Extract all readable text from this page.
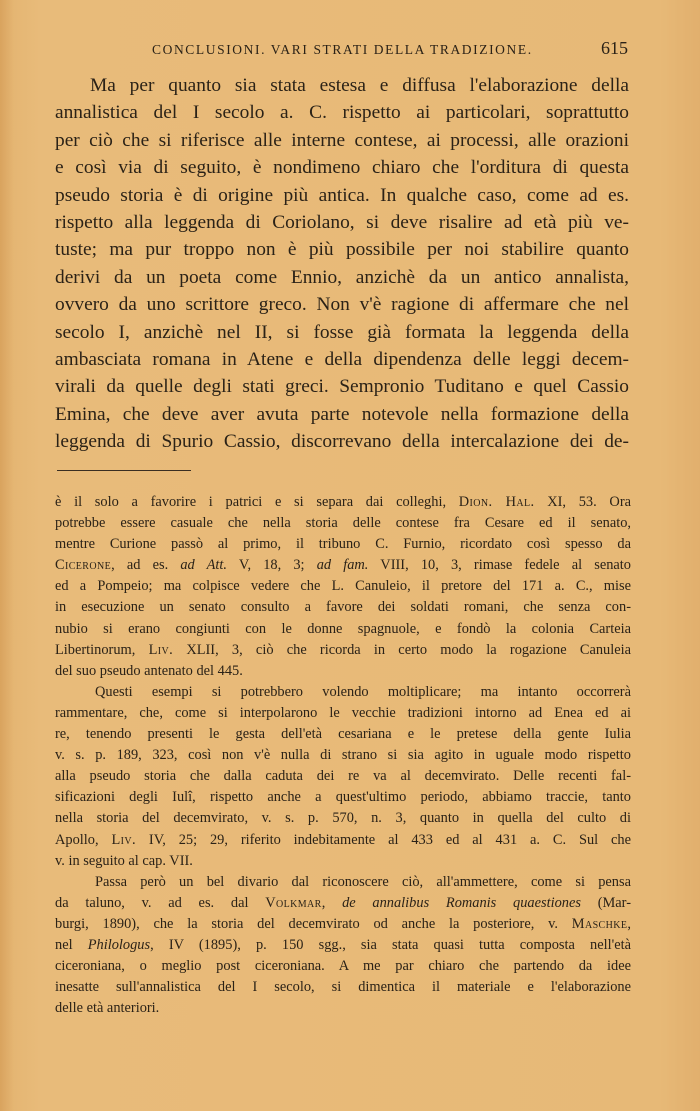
CONCLUSIONI. VARI STRATI DELLA TRADIZIONE.	615
Ma per quanto sia stata estesa e diffusa l'elaborazione della
annalistica del I secolo a. C. rispetto ai particolari, soprattutto
per ciò che si riferisce alle interne contese, ai processi, alle orazioni
e così via di seguito, è nondimeno chiaro che l'orditura di questa
pseudo storia è di origine più antica. In qualche caso, come ad es.
rispetto alla leggenda di Coriolano, si deve risalire ad età più ve-
tuste; ma pur troppo non è più possibile per noi stabilire quanto
derivi da un poeta come Ennio, anzichè da un antico annalista,
ovvero da uno scrittore greco. Non v'è ragione di affermare che nel
secolo I, anzichè nel II, si fosse già formata la leggenda della
ambasciata romana in Atene e della dipendenza delle leggi decem-
virali da quelle degli stati greci. Sempronio Tuditano e quel Cassio
Emina, che deve aver avuta parte notevole nella formazione della
leggenda di Spurio Cassio, discorrevano della intercalazione dei de-
è il solo a favorire i patrici e si separa dai colleghi, Dion. Hal. XI, 53. Ora
potrebbe essere casuale che nella storia delle contese fra Cesare ed il senato,
mentre Curione passò al primo, il tribuno C. Furnio, ricordato così spesso da
Cicerone, ad es. ad Att. V, 18, 3; ad fam. VIII, 10, 3, rimase fedele al senato
ed a Pompeio; ma colpisce vedere che L. Canuleio, il pretore del 171 a. C., mise
in esecuzione un senato consulto a favore dei soldati romani, che senza con-
nubio si erano congiunti con le donne spagnuole, e fondò la colonia Carteia
Libertinorum, Liv. XLII, 3, ciò che ricorda in certo modo la rogazione Canuleia
del suo pseudo antenato del 445.
Questi esempi si potrebbero volendo moltiplicare; ma intanto occorrerà
rammentare, che, come si interpolarono le vecchie tradizioni intorno ad Enea ed ai
re, tenendo presenti le gesta dell'età cesariana e le pretese della gente Iulia
v. s. p. 189, 323, così non v'è nulla di strano si sia agito in uguale modo rispetto
alla pseudo storia che dalla caduta dei re va al decemvirato. Delle recenti fal-
sificazioni degli Iulî, rispetto anche a quest'ultimo periodo, abbiamo traccie, tanto
nella storia del decemvirato, v. s. p. 570, n. 3, quanto in quella del culto di
Apollo, Liv. IV, 25; 29, riferito indebitamente al 433 ed al 431 a. C. Sul che
v. in seguito al cap. VII.
Passa però un bel divario dal riconoscere ciò, all'ammettere, come si pensa
da taluno, v. ad es. dal Volkmar, de annalibus Romanis quaestiones (Mar-
burgi, 1890), che la storia del decemvirato od anche la posteriore, v. Maschke,
nel Philologus, IV (1895), p. 150 sgg., sia stata quasi tutta composta nell'età
ciceroniana, o meglio post ciceroniana. A me par chiaro che partendo da idee
inesatte sull'annalistica del I secolo, si dimentica il materiale e l'elaborazione
delle età anteriori.
